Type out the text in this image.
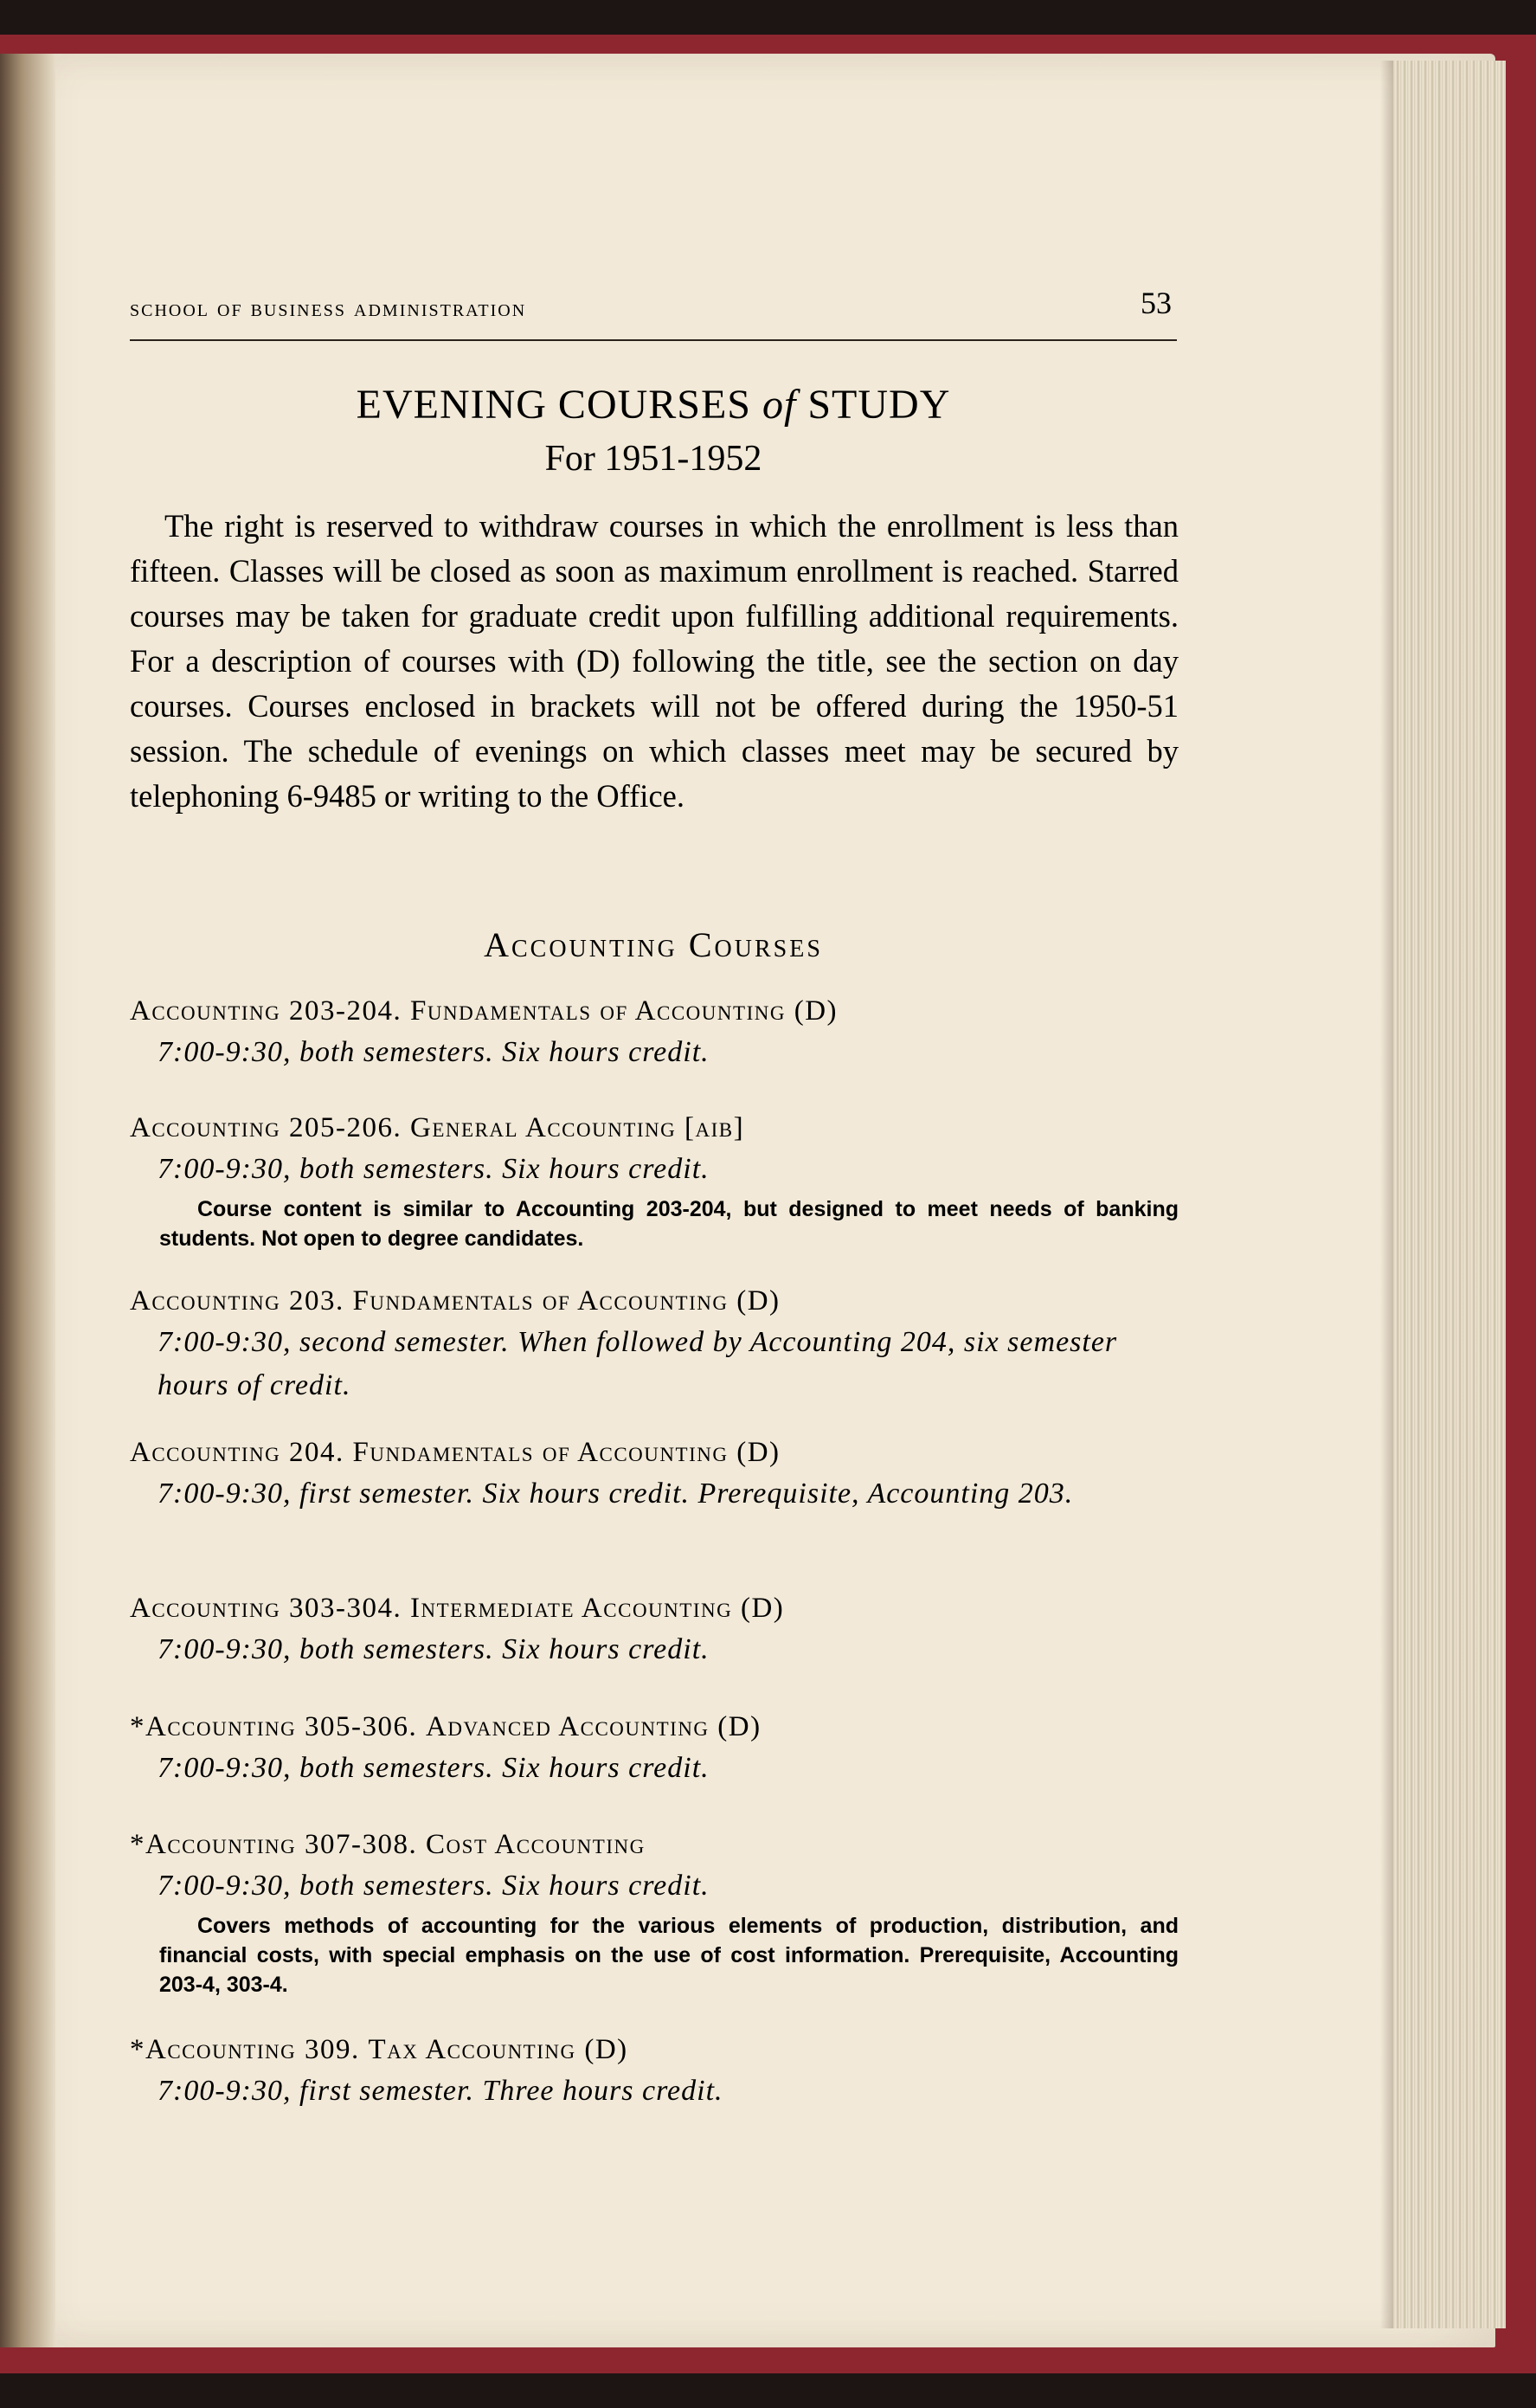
school of business administration	53
EVENING COURSES of STUDY
For 1951-1952

The right is reserved to withdraw courses in which the enrollment is less than fifteen. Classes will be closed as soon as maximum enrollment is reached. Starred courses may be taken for graduate credit upon fulfilling additional requirements. For a description of courses with (D) following the title, see the section on day courses. Courses enclosed in brackets will not be offered during the 1950-51 session. The schedule of evenings on which classes meet may be secured by telephoning 6-9485 or writing to the Office.

Accounting Courses
Accounting 203-204. Fundamentals of Accounting (D)
7:00-9:30, both semesters. Six hours credit.
Accounting 205-206. General Accounting [aib]
7:00-9:30, both semesters. Six hours credit.
Course content is similar to Accounting 203-204, but designed to meet needs of banking students. Not open to degree candidates.
Accounting 203. Fundamentals of Accounting (D)
7:00-9:30, second semester. When followed by Accounting 204, six semester hours of credit.
Accounting 204. Fundamentals of Accounting (D)
7:00-9:30, first semester. Six hours credit. Prerequisite, Accounting 203.
Accounting 303-304. Intermediate Accounting (D)
7:00-9:30, both semesters. Six hours credit.
*Accounting 305-306. Advanced Accounting (D)
7:00-9:30, both semesters. Six hours credit.
*Accounting 307-308. Cost Accounting
7:00-9:30, both semesters. Six hours credit.
Covers methods of accounting for the various elements of production, distribution, and financial costs, with special emphasis on the use of cost information. Prerequisite, Accounting 203-4, 303-4.
*Accounting 309. Tax Accounting (D)
7:00-9:30, first semester. Three hours credit.
